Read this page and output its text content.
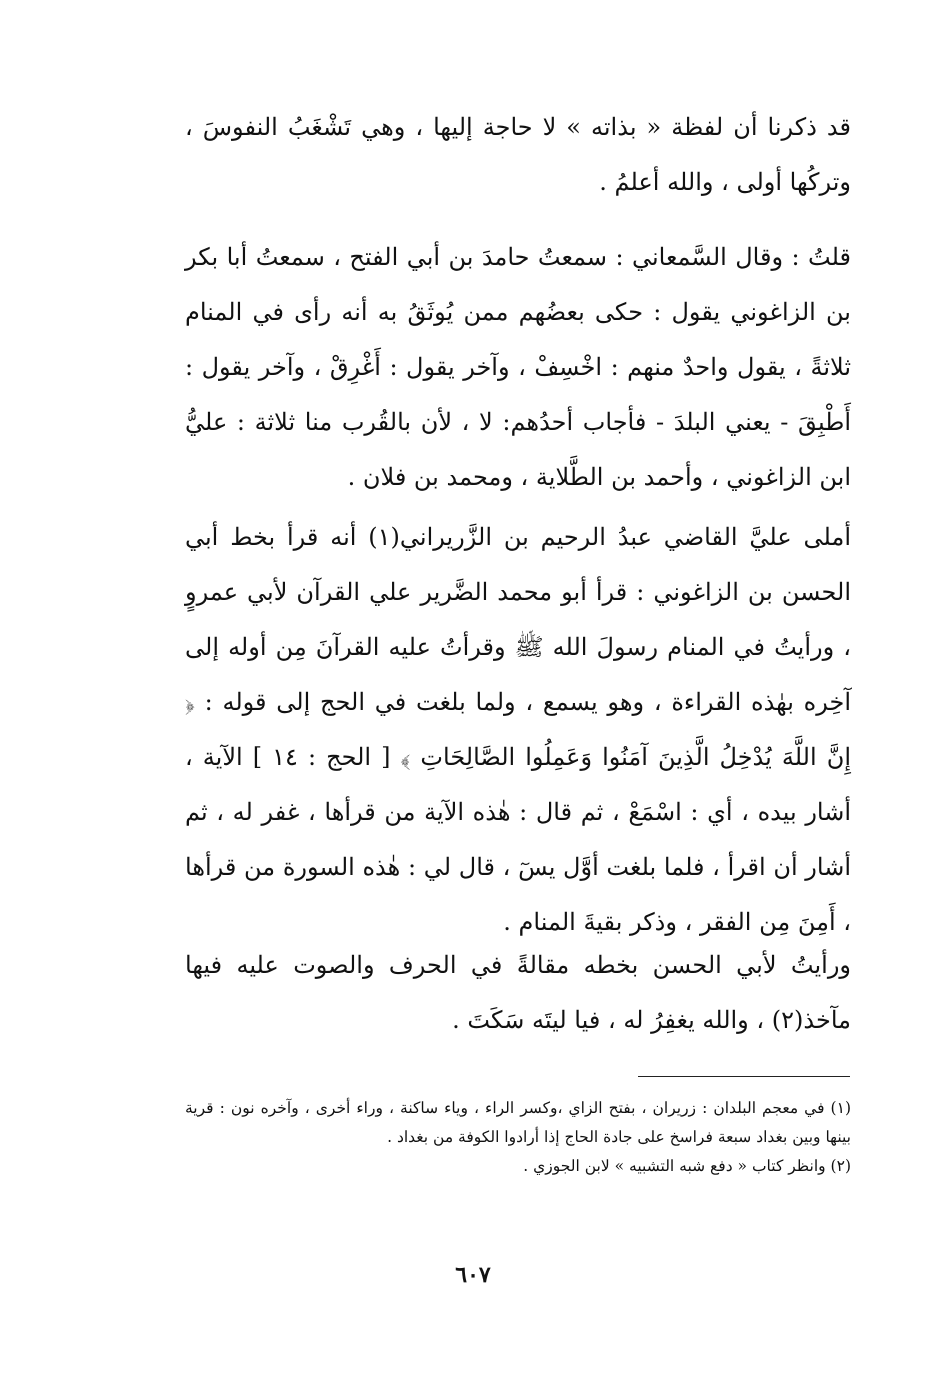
قد ذكرنا أن لفظة « بذاته » لا حاجة إليها ، وهي تَشْغَبُ النفوسَ ، وتركُها أولى ، والله أعلمُ .

قلتُ : وقال السَّمعاني : سمعتُ حامدَ بن أبي الفتح ، سمعتُ أبا بكر بن الزاغوني يقول : حكى بعضُهم ممن يُوثَقُ به أنه رأى في المنام ثلاثةً ، يقول واحدٌ منهم : اخْسِفْ ، وآخر يقول : أَغْرِقْ ، وآخر يقول : أَطْبِقَ - يعني البلدَ - فأجاب أحدُهم: لا ، لأن بالقُرب منا ثلاثة : عليُّ ابن الزاغوني ، وأحمد بن الطَّلاية ، ومحمد بن فلان .

أملى عليَّ القاضي عبدُ الرحيم بن الزَّريراني(١) أنه قرأ بخط أبي الحسن بن الزاغوني : قرأ أبو محمد الضَّرير علي القرآن لأبي عمروٍ ، ورأيتُ في المنام رسولَ الله ﷺ وقرأتُ عليه القرآنَ مِن أوله إلى آخِره بهٰذه القراءة ، وهو يسمع ، ولما بلغت في الحج إلى قوله : ﴿ إِنَّ اللَّهَ يُدْخِلُ الَّذِينَ آمَنُوا وَعَمِلُوا الصَّالِحَاتِ ﴾ [ الحج : ١٤ ] الآية ، أشار بيده ، أي : اسْمَعْ ، ثم قال : هٰذه الآية من قرأها ، غفر له ، ثم أشار أن اقرأ ، فلما بلغت أوَّل يسٓ ، قال لي : هٰذه السورة من قرأها ، أَمِنَ مِن الفقر ، وذكر بقيةَ المنام .

ورأيتُ لأبي الحسن بخطه مقالةً في الحرف والصوت عليه فيها مآخذ(٢) ، والله يغفِرُ له ، فيا ليتَه سَكَتَ .

(١) في معجم البلدان : زريران ، بفتح الزاي ،وكسر الراء ، وياء ساكنة ، وراء أخرى ، وآخره نون : قرية بينها وبين بغداد سبعة فراسخ على جادة الحاج إذا أرادوا الكوفة من بغداد .

(٢) وانظر كتاب « دفع شبه التشبيه » لابن الجوزي .

٦٠٧
